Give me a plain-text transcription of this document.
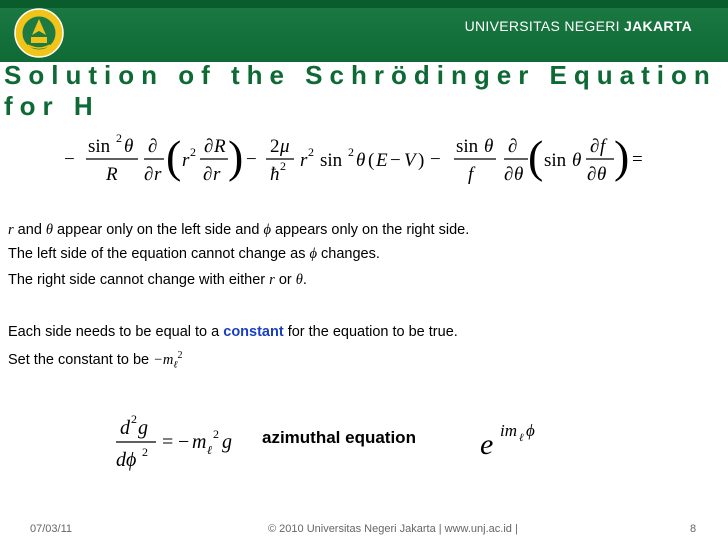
UNIVERSITAS NEGERI JAKARTA
Solution of the Schrödinger Equation for H
−
sin 2 θ
R
∂
∂ r ( r 2 ∂ R
∂ r ) −
2 μ
ħ 2 r 2 sin 2 θ ( E − V ) −
sin θ
f
∂
∂ θ ( sin θ
∂ f
∂ θ ) =
r and θ appear only on the left side and ϕ appears only on the right side.
The left side of the equation cannot change as ϕ changes.
The right side cannot change with either r or θ.
Each side needs to be equal to a constant for the equation to be true.
Set the constant to be $-m_\ell^2$
d 2 g
dϕ 2 = − m ℓ
2 g azimuthal equation e im ℓ ϕ
07/03/11	© 2010 Universitas Negeri Jakarta | www.unj.ac.id |	8
